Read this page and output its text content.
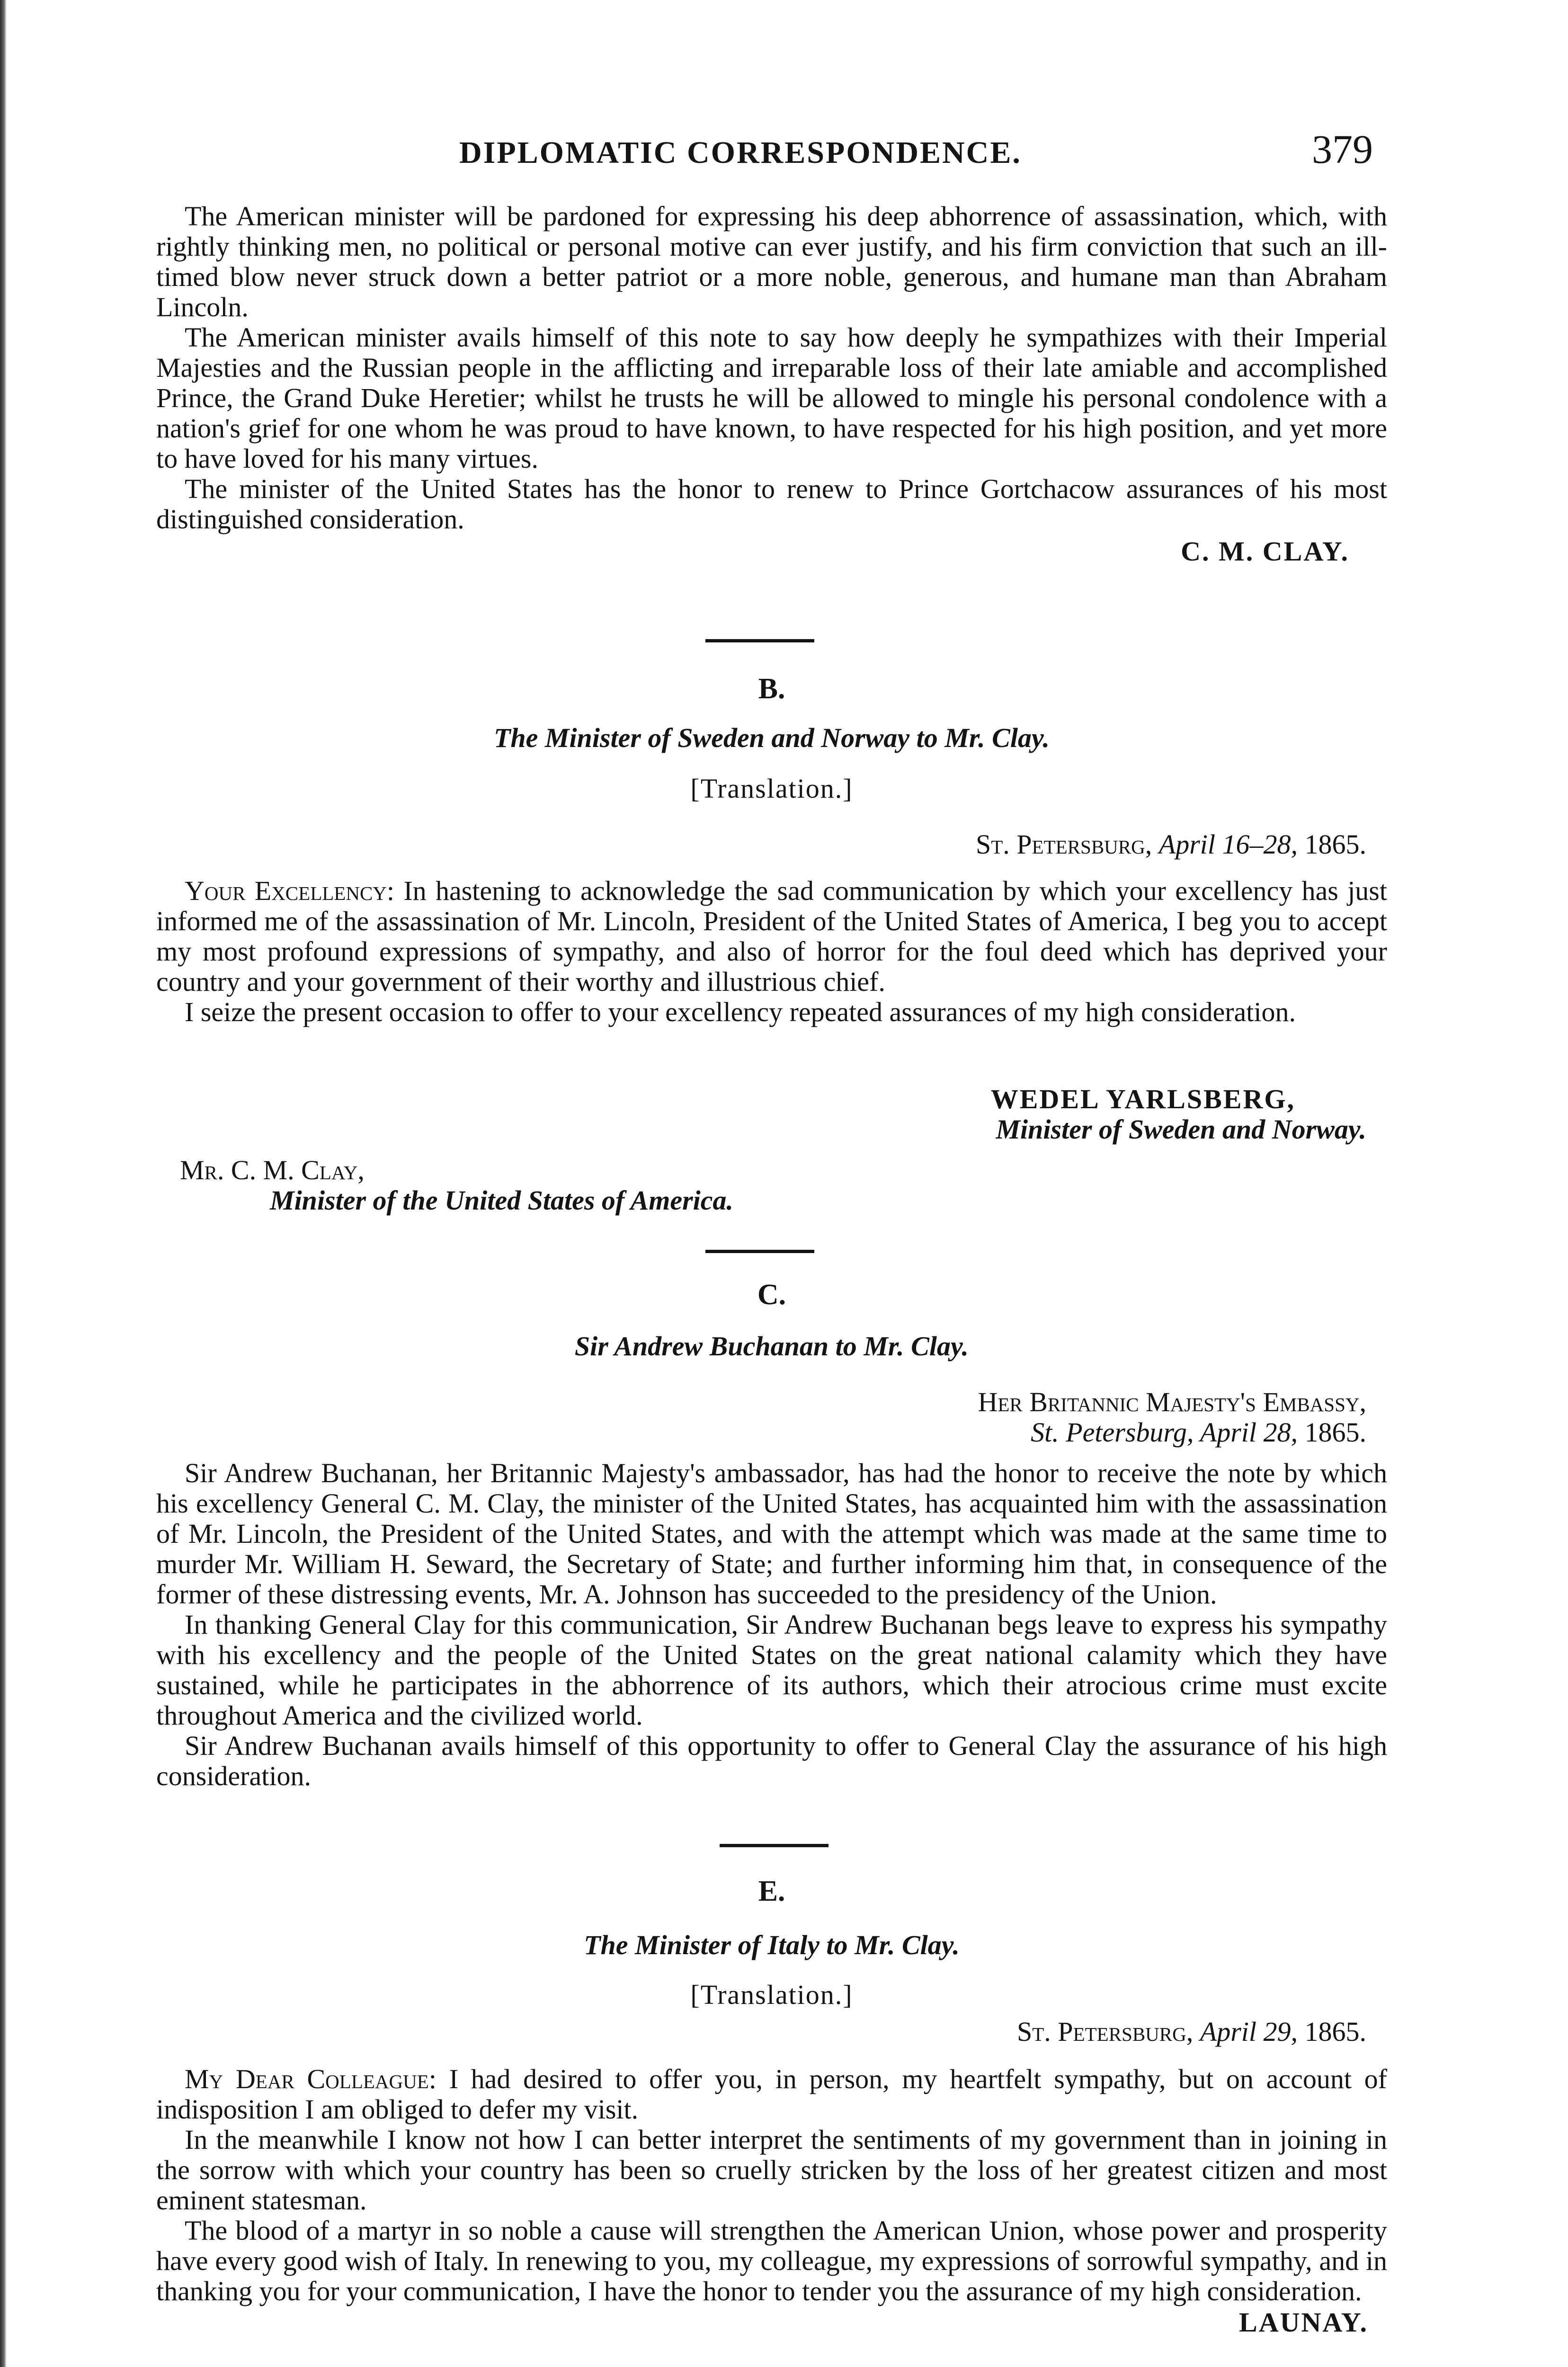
DIPLOMATIC CORRESPONDENCE.	379

The American minister will be pardoned for expressing his deep abhorrence of assassination, which, with rightly thinking men, no political or personal motive can ever justify, and his firm conviction that such an ill-timed blow never struck down a better patriot or a more noble, generous, and humane man than Abraham Lincoln.

The American minister avails himself of this note to say how deeply he sympathizes with their Imperial Majesties and the Russian people in the afflicting and irreparable loss of their late amiable and accomplished Prince, the Grand Duke Heretier; whilst he trusts he will be allowed to mingle his personal condolence with a nation's grief for one whom he was proud to have known, to have respected for his high position, and yet more to have loved for his many virtues.

The minister of the United States has the honor to renew to Prince Gortchacow assurances of his most distinguished consideration.

C. M. CLAY.
B.
The Minister of Sweden and Norway to Mr. Clay.
[Translation.]
St. Petersburg, April 16–28, 1865.

Your Excellency: In hastening to acknowledge the sad communication by which your excellency has just informed me of the assassination of Mr. Lincoln, President of the United States of America, I beg you to accept my most profound expressions of sympathy, and also of horror for the foul deed which has deprived your country and your government of their worthy and illustrious chief.

I seize the present occasion to offer to your excellency repeated assurances of my high consideration.

WEDEL YARLSBERG,
Minister of Sweden and Norway.
Mr. C. M. Clay,
Minister of the United States of America.
C.
Sir Andrew Buchanan to Mr. Clay.
Her Britannic Majesty's Embassy,
St. Petersburg, April 28, 1865.

Sir Andrew Buchanan, her Britannic Majesty's ambassador, has had the honor to receive the note by which his excellency General C. M. Clay, the minister of the United States, has acquainted him with the assassination of Mr. Lincoln, the President of the United States, and with the attempt which was made at the same time to murder Mr. William H. Seward, the Secretary of State; and further informing him that, in consequence of the former of these distressing events, Mr. A. Johnson has succeeded to the presidency of the Union.

In thanking General Clay for this communication, Sir Andrew Buchanan begs leave to express his sympathy with his excellency and the people of the United States on the great national calamity which they have sustained, while he participates in the abhorrence of its authors, which their atrocious crime must excite throughout America and the civilized world.

Sir Andrew Buchanan avails himself of this opportunity to offer to General Clay the assurance of his high consideration.

E.
The Minister of Italy to Mr. Clay.
[Translation.]
St. Petersburg, April 29, 1865.

My Dear Colleague: I had desired to offer you, in person, my heartfelt sympathy, but on account of indisposition I am obliged to defer my visit.

In the meanwhile I know not how I can better interpret the sentiments of my government than in joining in the sorrow with which your country has been so cruelly stricken by the loss of her greatest citizen and most eminent statesman.

The blood of a martyr in so noble a cause will strengthen the American Union, whose power and prosperity have every good wish of Italy. In renewing to you, my colleague, my expressions of sorrowful sympathy, and in thanking you for your communication, I have the honor to tender you the assurance of my high consideration.

LAUNAY.
